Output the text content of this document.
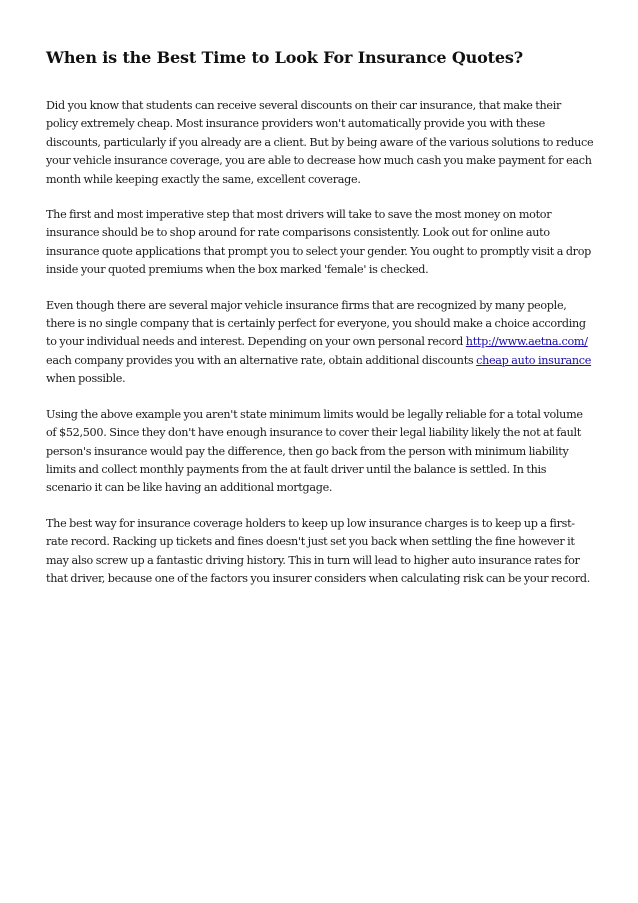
When is the Best Time to Look For Insurance Quotes?

Did you know that students can receive several discounts on their car insurance, that make their policy extremely cheap. Most insurance providers won't automatically provide you with these discounts, particularly if you already are a client. But by being aware of the various solutions to reduce your vehicle insurance coverage, you are able to decrease how much cash you make payment for each month while keeping exactly the same, excellent coverage.

The first and most imperative step that most drivers will take to save the most money on motor insurance should be to shop around for rate comparisons consistently. Look out for online auto insurance quote applications that prompt you to select your gender. You ought to promptly visit a drop inside your quoted premiums when the box marked 'female' is checked.

Even though there are several major vehicle insurance firms that are recognized by many people, there is no single company that is certainly perfect for everyone, you should make a choice according to your individual needs and interest. Depending on your own personal record http://www.aetna.com/ each company provides you with an alternative rate, obtain additional discounts cheap auto insurance when possible.

Using the above example you aren't state minimum limits would be legally reliable for a total volume of $52,500. Since they don't have enough insurance to cover their legal liability likely the not at fault person's insurance would pay the difference, then go back from the person with minimum liability limits and collect monthly payments from the at fault driver until the balance is settled. In this scenario it can be like having an additional mortgage.

The best way for insurance coverage holders to keep up low insurance charges is to keep up a first-rate record. Racking up tickets and fines doesn't just set you back when settling the fine however it may also screw up a fantastic driving history. This in turn will lead to higher auto insurance rates for that driver, because one of the factors you insurer considers when calculating risk can be your record.
